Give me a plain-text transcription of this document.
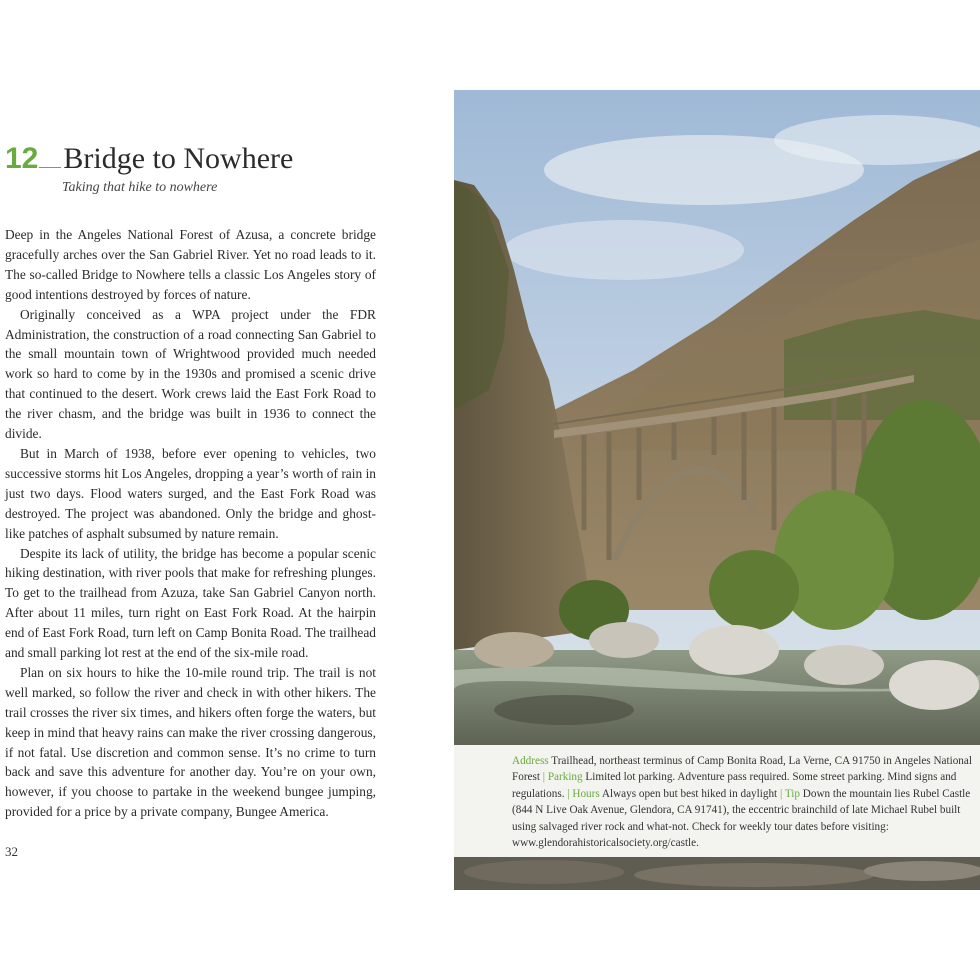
12 Bridge to Nowhere
Taking that hike to nowhere

Deep in the Angeles National Forest of Azusa, a concrete bridge gracefully arches over the San Gabriel River. Yet no road leads to it. The so-called Bridge to Nowhere tells a classic Los Angeles story of good intentions destroyed by forces of nature.

Originally conceived as a WPA project under the FDR Administration, the construction of a road connecting San Gabriel to the small mountain town of Wrightwood provided much needed work so hard to come by in the 1930s and promised a scenic drive that continued to the desert. Work crews laid the East Fork Road to the river chasm, and the bridge was built in 1936 to connect the divide.

But in March of 1938, before ever opening to vehicles, two successive storms hit Los Angeles, dropping a year’s worth of rain in just two days. Flood waters surged, and the East Fork Road was destroyed. The project was abandoned. Only the bridge and ghost-like patches of asphalt subsumed by nature remain.

Despite its lack of utility, the bridge has become a popular scenic hiking destination, with river pools that make for refreshing plunges. To get to the trailhead from Azuza, take San Gabriel Canyon north. After about 11 miles, turn right on East Fork Road. At the hairpin end of East Fork Road, turn left on Camp Bonita Road. The trailhead and small parking lot rest at the end of the six-mile road.

Plan on six hours to hike the 10-mile round trip. The trail is not well marked, so follow the river and check in with other hikers. The trail crosses the river six times, and hikers often forge the waters, but keep in mind that heavy rains can make the river crossing dangerous, if not fatal. Use discretion and common sense. It’s no crime to turn back and save this adventure for another day. You’re on your own, however, if you choose to partake in the weekend bungee jumping, provided for a price by a private company, Bungee America.

32
Address Trailhead, northeast terminus of Camp Bonita Road, La Verne, CA 91750 in Angeles National Forest | Parking Limited lot parking. Adventure pass required. Some street parking. Mind signs and regulations. | Hours Always open but best hiked in daylight | Tip Down the mountain lies Rubel Castle (844 N Live Oak Avenue, Glendora, CA 91741), the eccentric brainchild of late Michael Rubel built using salvaged river rock and what-not. Check for weekly tour dates before visiting: www.glendorahistoricalsociety.org/castle.
